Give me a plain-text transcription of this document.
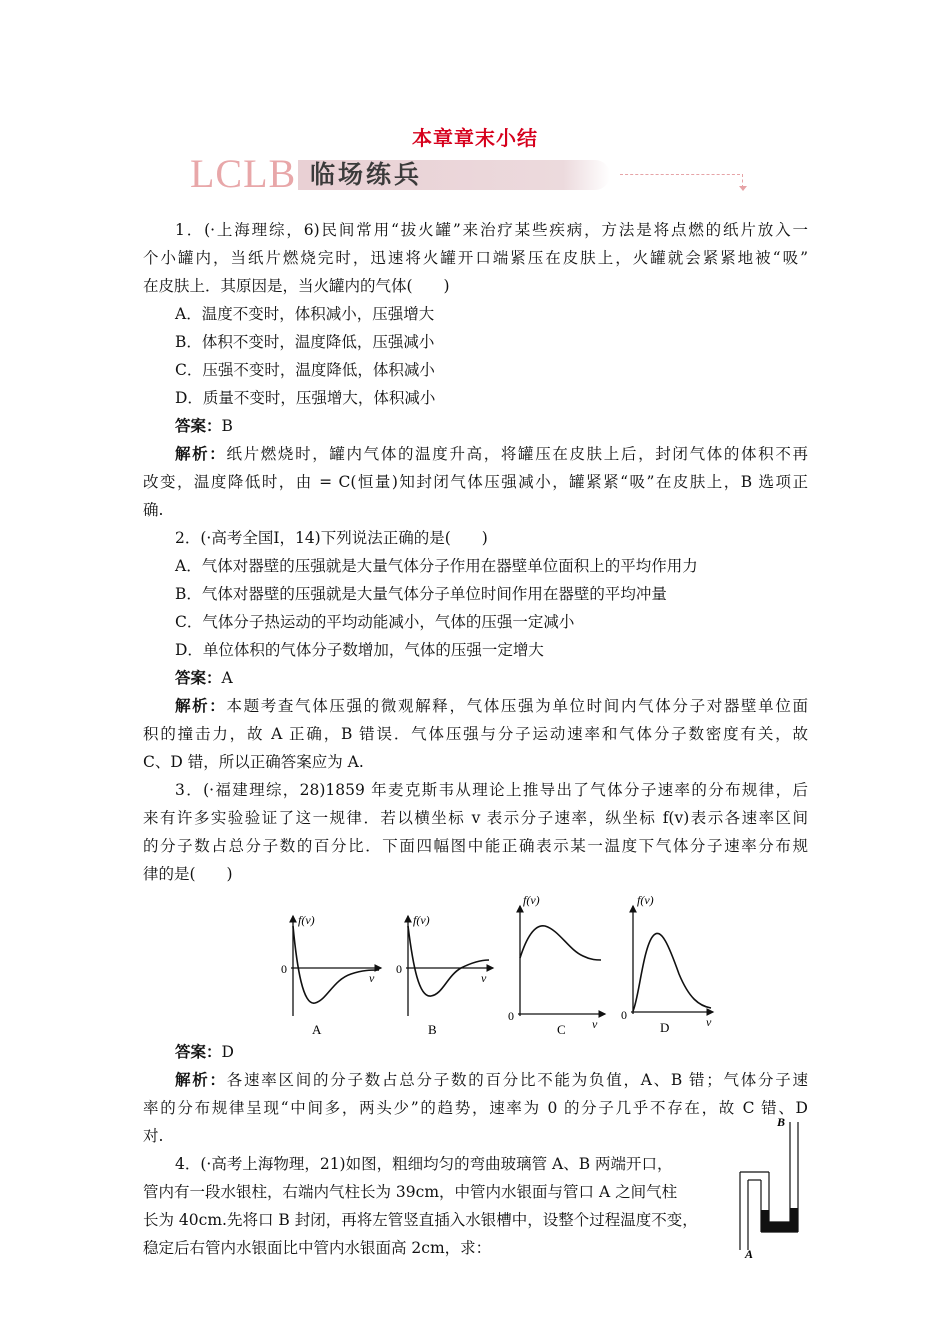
本章章末小结
LCLB 临场练兵
1．(·上海理综，6)民间常用“拔火罐”来治疗某些疾病，方法是将点燃的纸片放入一
个小罐内，当纸片燃烧完时，迅速将火罐开口端紧压在皮肤上，火罐就会紧紧地被“吸”
在皮肤上．其原因是，当火罐内的气体(　　)
A．温度不变时，体积减小，压强增大
B．体积不变时，温度降低，压强减小
C．压强不变时，温度降低，体积减小
D．质量不变时，压强增大，体积减小
答案：B
解析：纸片燃烧时，罐内气体的温度升高，将罐压在皮肤上后，封闭气体的体积不再
改变，温度降低时，由 = C(恒量)知封闭气体压强减小，罐紧紧“吸”在皮肤上，B 选项正
确.
2．(·高考全国Ⅰ，14)下列说法正确的是(　　)
A．气体对器壁的压强就是大量气体分子作用在器壁单位面积上的平均作用力
B．气体对器壁的压强就是大量气体分子单位时间作用在器壁的平均冲量
C．气体分子热运动的平均动能减小，气体的压强一定减小
D．单位体积的气体分子数增加，气体的压强一定增大
答案：A
解析：本题考查气体压强的微观解释，气体压强为单位时间内气体分子对器壁单位面
积的撞击力，故 A 正确，B 错误．气体压强与分子运动速率和气体分子数密度有关，故
C、D 错，所以正确答案应为 A.
3．(·福建理综，28)1859 年麦克斯韦从理论上推导出了气体分子速率的分布规律，后
来有许多实验验证了这一规律．若以横坐标 v 表示分子速率，纵坐标 f(v)表示各速率区间
的分子数占总分子数的百分比．下面四幅图中能正确表示某一温度下气体分子速率分布规
律的是(　　)
f(v)
0
v
A
f(v)
0
v
B
f(v)
0
v
C
f(v)
0	v
D
答案：D
解析：各速率区间的分子数占总分子数的百分比不能为负值，A、B 错；气体分子速
率的分布规律呈现“中间多，两头少”的趋势，速率为 0 的分子几乎不存在，故 C 错、D
对.
4．(·高考上海物理，21)如图，粗细均匀的弯曲玻璃管 A、B 两端开口，
管内有一段水银柱，右端内气柱长为 39cm，中管内水银面与管口 A 之间气柱
长为 40cm.先将口 B 封闭，再将左管竖直插入水银槽中，设整个过程温度不变，
稳定后右管内水银面比中管内水银面高 2cm，求：
B
A
